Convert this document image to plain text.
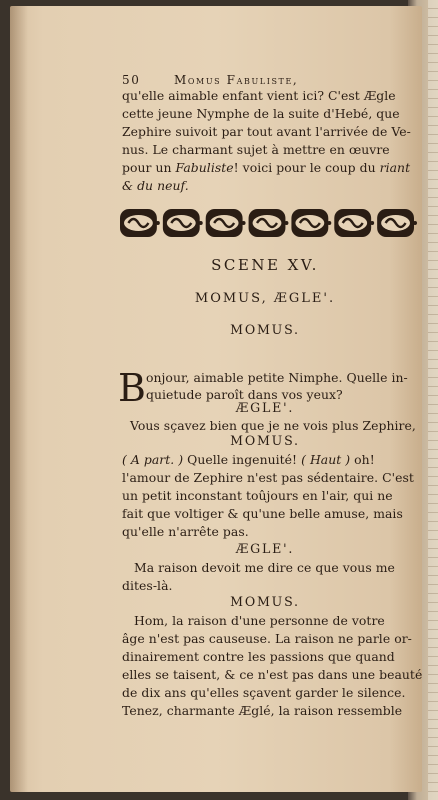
50	Momus Fabuliste,
qu'elle aimable enfant vient ici? C'est Ægle
cette jeune Nymphe de la suite d'Hebé, que
Zephire suivoit par tout avant l'arrivée de Ve-
nus. Le charmant sujet à mettre en œuvre
pour un Fabuliste! voici pour le coup du riant
& du neuf.
SCENE XV.
MOMUS, ÆGLE'.
MOMUS.
B onjour, aimable petite Nimphe. Quelle in-
quietude paroît dans vos yeux?
ÆGLE'.
Vous sçavez bien que je ne vois plus Zephire,
MOMUS.
( A part. ) Quelle ingenuité! ( Haut ) oh!
l'amour de Zephire n'est pas sédentaire. C'est
un petit inconstant toûjours en l'air, qui ne
fait que voltiger & qu'une belle amuse, mais
qu'elle n'arrête pas.
ÆGLE'.
Ma raison devoit me dire ce que vous me
dites-là.
MOMUS.
Hom, la raison d'une personne de votre
âge n'est pas causeuse. La raison ne parle or-
dinairement contre les passions que quand
elles se taisent, & ce n'est pas dans une beauté
de dix ans qu'elles sçavent garder le silence.
Tenez, charmante Æglé, la raison ressemble
